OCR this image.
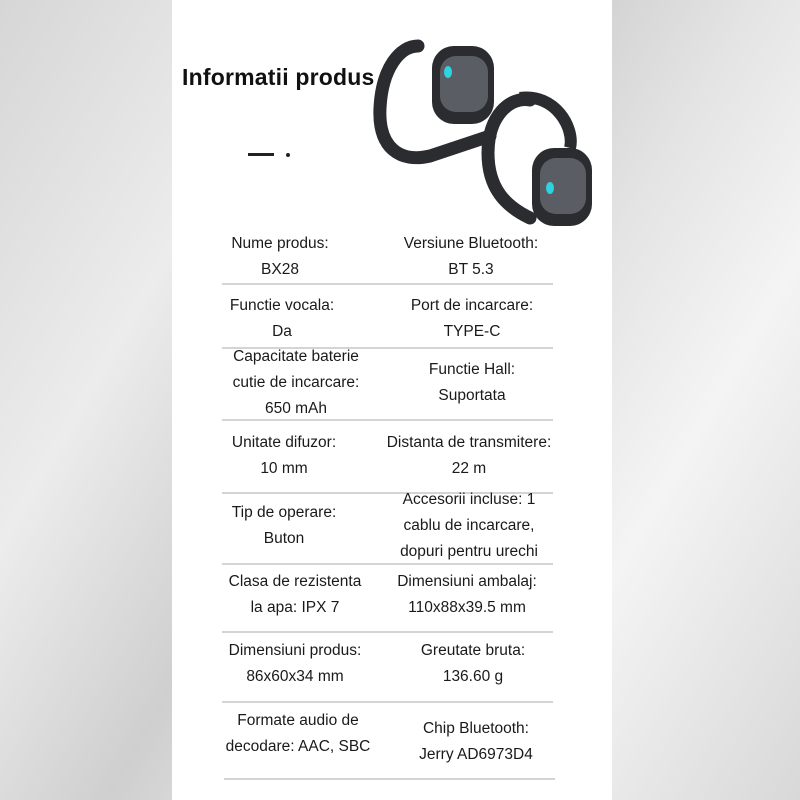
Informatii produs
Nume produs:
BX28
Versiune Bluetooth:
BT 5.3
Functie vocala:
Da
Port de incarcare:
TYPE-C
Capacitate baterie
cutie de incarcare:
650 mAh
Functie Hall:
Suportata
Unitate difuzor:
10 mm
Distanta de transmitere:
22 m
Tip de operare:
Buton
Accesorii incluse: 1
cablu de incarcare,
dopuri pentru urechi
Clasa de rezistenta
la apa: IPX 7
Dimensiuni ambalaj:
110x88x39.5 mm
Dimensiuni produs:
86x60x34 mm
Greutate bruta:
136.60 g
Formate audio de
decodare: AAC, SBC
Chip Bluetooth:
Jerry AD6973D4
